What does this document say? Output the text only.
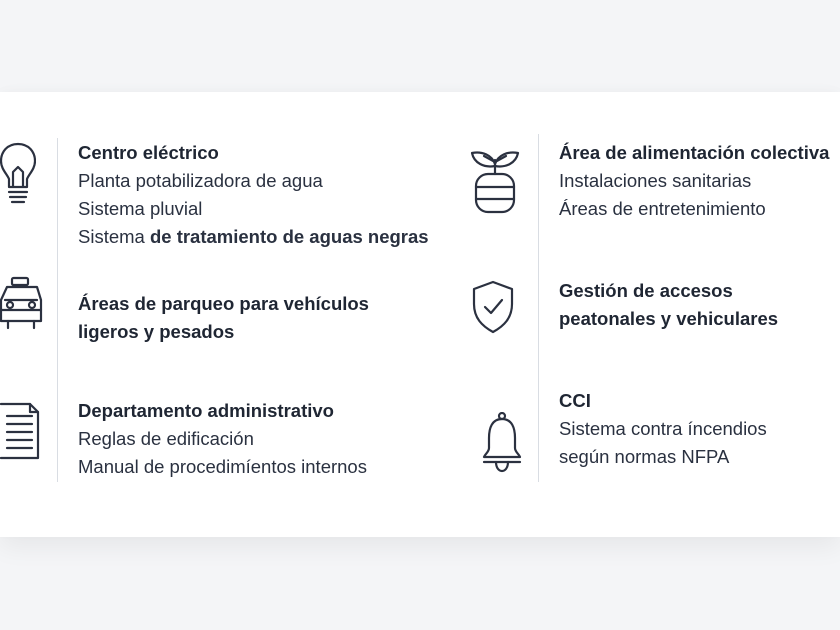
Centro eléctrico
Planta potabilizadora de agua
Sistema pluvial
Sistema de tratamiento de aguas negras
Áreas de parqueo para vehículos
ligeros y pesados
Departamento administrativo
Reglas de edificación
Manual de procedimíentos internos
Área de alimentación colectiva
Instalaciones sanitarias
Áreas de entretenimiento
Gestión de accesos
peatonales y vehiculares
CCI
Sistema contra íncendios
según normas NFPA
